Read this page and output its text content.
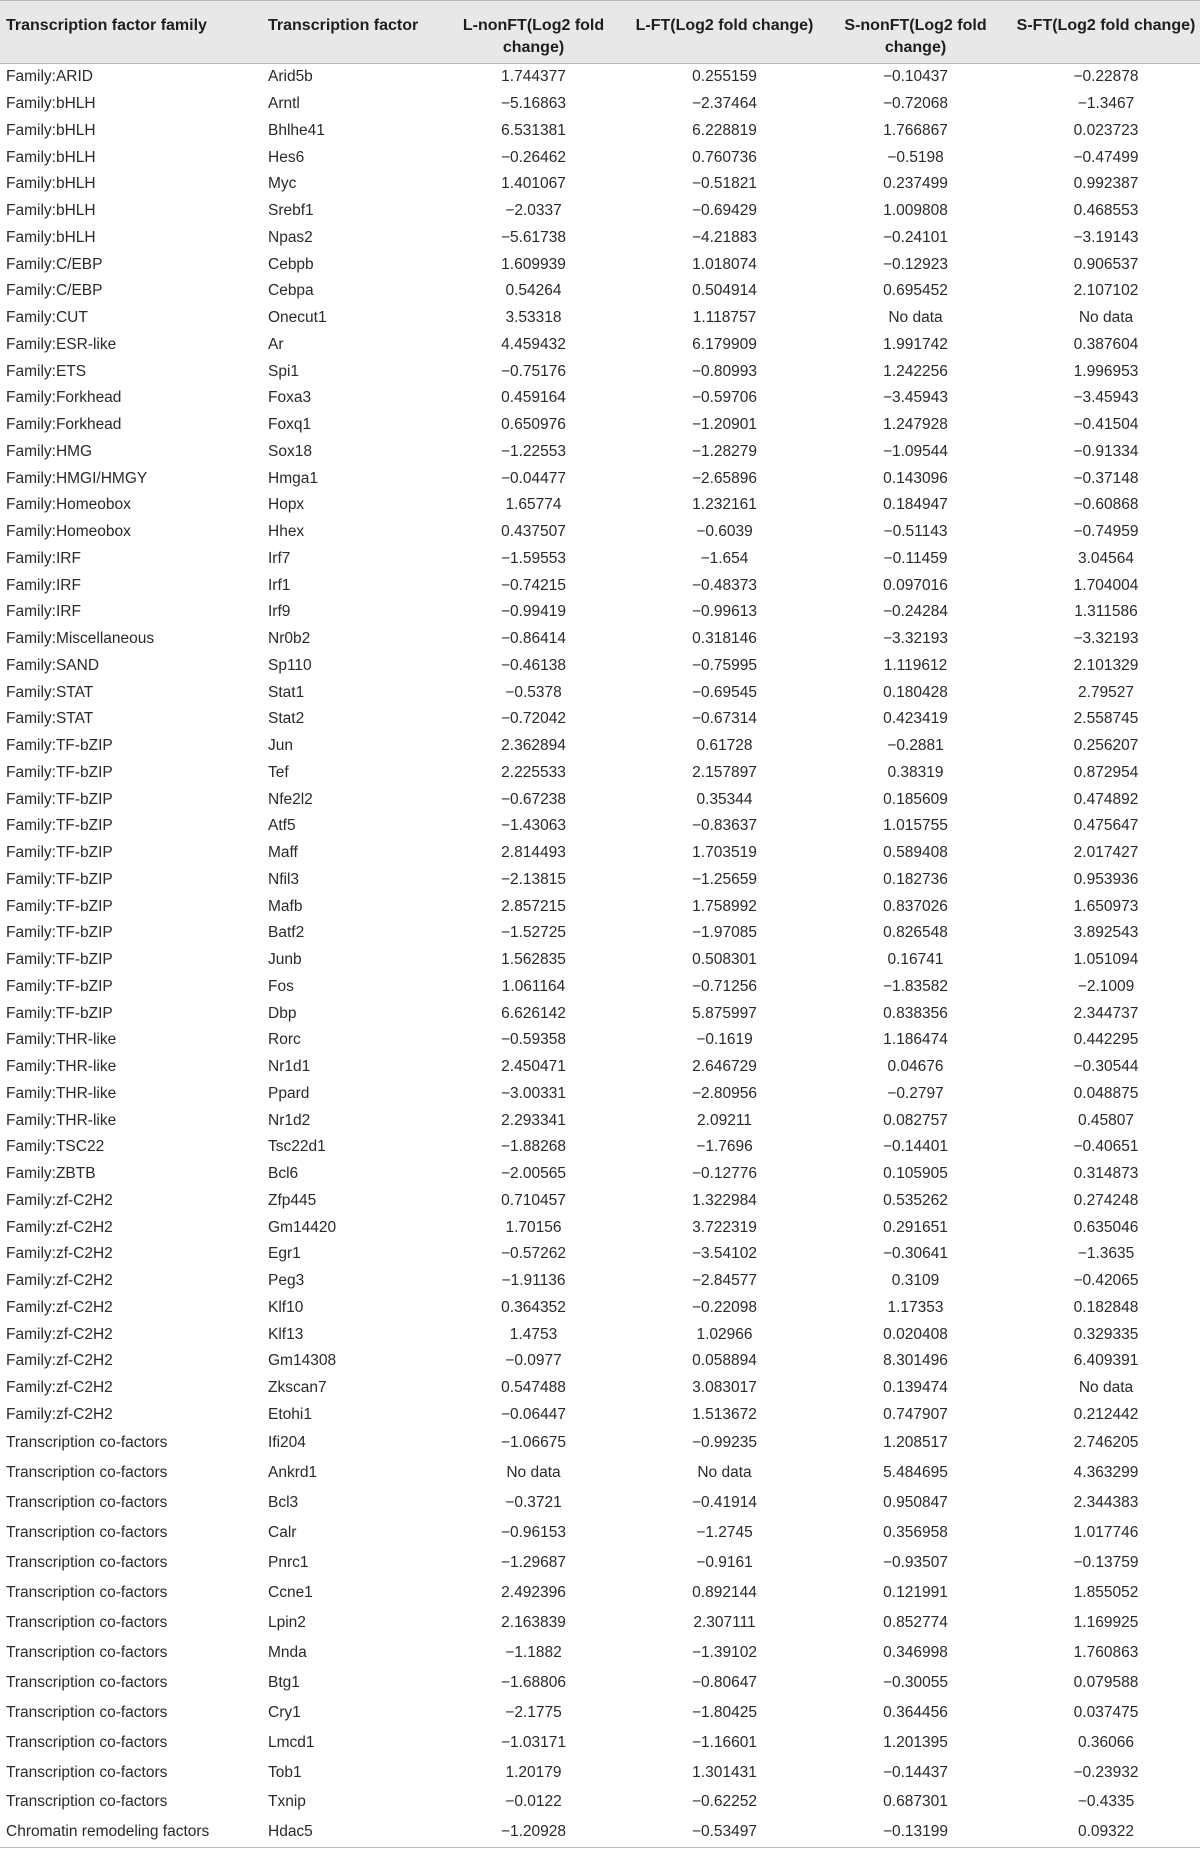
Transcription factor family	Transcription factor	L-nonFT(Log2 fold change)	L-FT(Log2 fold change)	S-nonFT(Log2 fold change)	S-FT(Log2 fold change)
Family:ARID	Arid5b	1.744377	0.255159	−0.10437	−0.22878
Family:bHLH	Arntl	−5.16863	−2.37464	−0.72068	−1.3467
Family:bHLH	Bhlhe41	6.531381	6.228819	1.766867	0.023723
Family:bHLH	Hes6	−0.26462	0.760736	−0.5198	−0.47499
Family:bHLH	Myc	1.401067	−0.51821	0.237499	0.992387
Family:bHLH	Srebf1	−2.0337	−0.69429	1.009808	0.468553
Family:bHLH	Npas2	−5.61738	−4.21883	−0.24101	−3.19143
Family:C/EBP	Cebpb	1.609939	1.018074	−0.12923	0.906537
Family:C/EBP	Cebpa	0.54264	0.504914	0.695452	2.107102
Family:CUT	Onecut1	3.53318	1.118757	No data	No data
Family:ESR-like	Ar	4.459432	6.179909	1.991742	0.387604
Family:ETS	Spi1	−0.75176	−0.80993	1.242256	1.996953
Family:Forkhead	Foxa3	0.459164	−0.59706	−3.45943	−3.45943
Family:Forkhead	Foxq1	0.650976	−1.20901	1.247928	−0.41504
Family:HMG	Sox18	−1.22553	−1.28279	−1.09544	−0.91334
Family:HMGI/HMGY	Hmga1	−0.04477	−2.65896	0.143096	−0.37148
Family:Homeobox	Hopx	1.65774	1.232161	0.184947	−0.60868
Family:Homeobox	Hhex	0.437507	−0.6039	−0.51143	−0.74959
Family:IRF	Irf7	−1.59553	−1.654	−0.11459	3.04564
Family:IRF	Irf1	−0.74215	−0.48373	0.097016	1.704004
Family:IRF	Irf9	−0.99419	−0.99613	−0.24284	1.311586
Family:Miscellaneous	Nr0b2	−0.86414	0.318146	−3.32193	−3.32193
Family:SAND	Sp110	−0.46138	−0.75995	1.119612	2.101329
Family:STAT	Stat1	−0.5378	−0.69545	0.180428	2.79527
Family:STAT	Stat2	−0.72042	−0.67314	0.423419	2.558745
Family:TF-bZIP	Jun	2.362894	0.61728	−0.2881	0.256207
Family:TF-bZIP	Tef	2.225533	2.157897	0.38319	0.872954
Family:TF-bZIP	Nfe2l2	−0.67238	0.35344	0.185609	0.474892
Family:TF-bZIP	Atf5	−1.43063	−0.83637	1.015755	0.475647
Family:TF-bZIP	Maff	2.814493	1.703519	0.589408	2.017427
Family:TF-bZIP	Nfil3	−2.13815	−1.25659	0.182736	0.953936
Family:TF-bZIP	Mafb	2.857215	1.758992	0.837026	1.650973
Family:TF-bZIP	Batf2	−1.52725	−1.97085	0.826548	3.892543
Family:TF-bZIP	Junb	1.562835	0.508301	0.16741	1.051094
Family:TF-bZIP	Fos	1.061164	−0.71256	−1.83582	−2.1009
Family:TF-bZIP	Dbp	6.626142	5.875997	0.838356	2.344737
Family:THR-like	Rorc	−0.59358	−0.1619	1.186474	0.442295
Family:THR-like	Nr1d1	2.450471	2.646729	0.04676	−0.30544
Family:THR-like	Ppard	−3.00331	−2.80956	−0.2797	0.048875
Family:THR-like	Nr1d2	2.293341	2.09211	0.082757	0.45807
Family:TSC22	Tsc22d1	−1.88268	−1.7696	−0.14401	−0.40651
Family:ZBTB	Bcl6	−2.00565	−0.12776	0.105905	0.314873
Family:zf-C2H2	Zfp445	0.710457	1.322984	0.535262	0.274248
Family:zf-C2H2	Gm14420	1.70156	3.722319	0.291651	0.635046
Family:zf-C2H2	Egr1	−0.57262	−3.54102	−0.30641	−1.3635
Family:zf-C2H2	Peg3	−1.91136	−2.84577	0.3109	−0.42065
Family:zf-C2H2	Klf10	0.364352	−0.22098	1.17353	0.182848
Family:zf-C2H2	Klf13	1.4753	1.02966	0.020408	0.329335
Family:zf-C2H2	Gm14308	−0.0977	0.058894	8.301496	6.409391
Family:zf-C2H2	Zkscan7	0.547488	3.083017	0.139474	No data
Family:zf-C2H2	Etohi1	−0.06447	1.513672	0.747907	0.212442
Transcription co-factors	Ifi204	−1.06675	−0.99235	1.208517	2.746205
Transcription co-factors	Ankrd1	No data	No data	5.484695	4.363299
Transcription co-factors	Bcl3	−0.3721	−0.41914	0.950847	2.344383
Transcription co-factors	Calr	−0.96153	−1.2745	0.356958	1.017746
Transcription co-factors	Pnrc1	−1.29687	−0.9161	−0.93507	−0.13759
Transcription co-factors	Ccne1	2.492396	0.892144	0.121991	1.855052
Transcription co-factors	Lpin2	2.163839	2.307111	0.852774	1.169925
Transcription co-factors	Mnda	−1.1882	−1.39102	0.346998	1.760863
Transcription co-factors	Btg1	−1.68806	−0.80647	−0.30055	0.079588
Transcription co-factors	Cry1	−2.1775	−1.80425	0.364456	0.037475
Transcription co-factors	Lmcd1	−1.03171	−1.16601	1.201395	0.36066
Transcription co-factors	Tob1	1.20179	1.301431	−0.14437	−0.23932
Transcription co-factors	Txnip	−0.0122	−0.62252	0.687301	−0.4335
Chromatin remodeling factors	Hdac5	−1.20928	−0.53497	−0.13199	0.09322
